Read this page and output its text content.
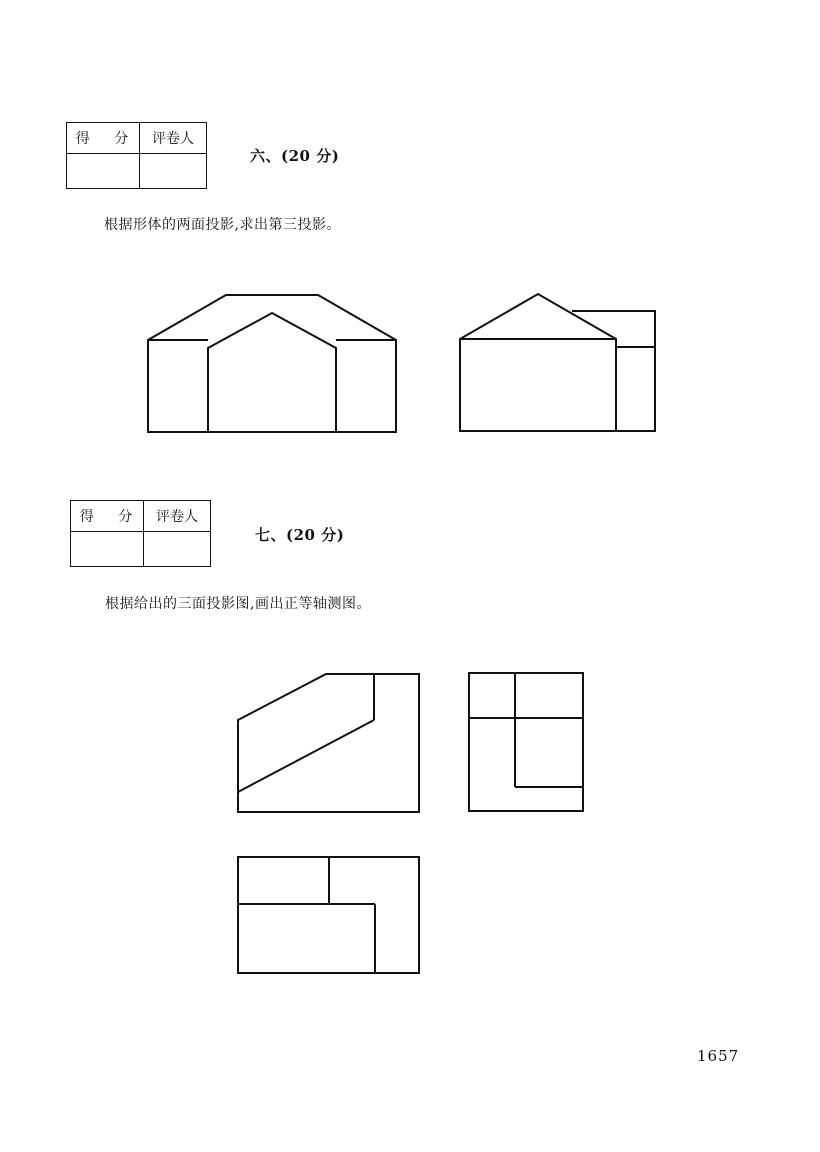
得 分	评卷人

六、(20 分)
根据形体的两面投影,求出第三投影。
得 分	评卷人

七、(20 分)
根据给出的三面投影图,画出正等轴测图。
1657
